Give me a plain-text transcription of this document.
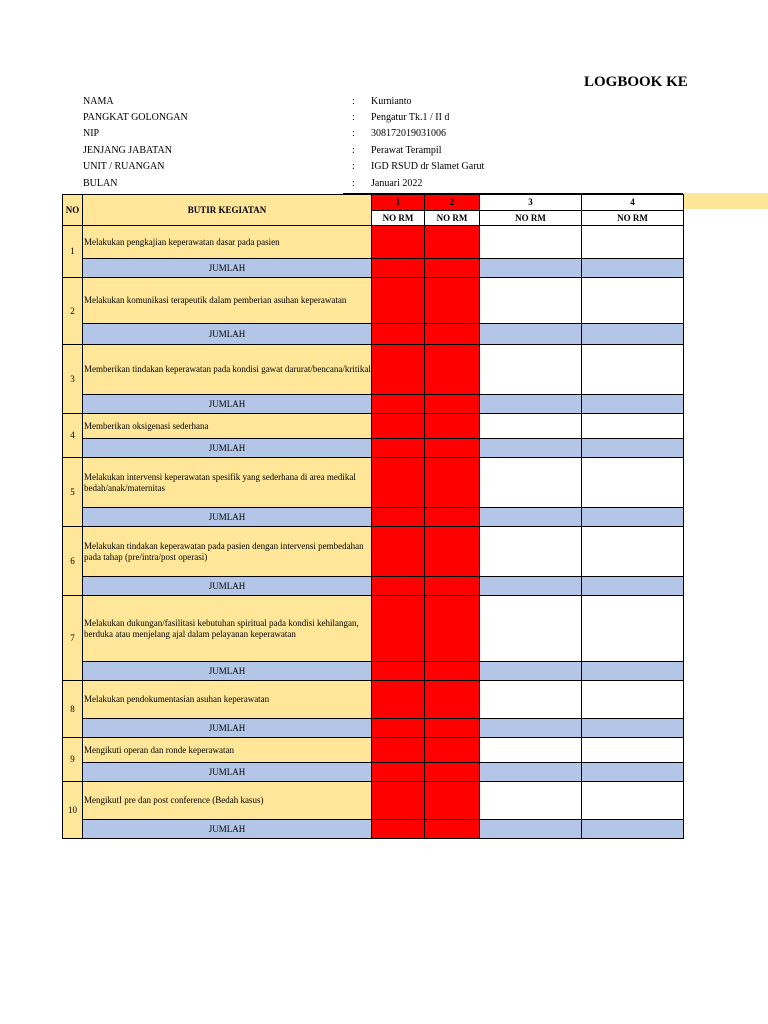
LOGBOOK KE
NAMA	: Kurnianto
PANGKAT GOLONGAN	: Pengatur Tk.1 / II d
NIP	: 308172019031006
JENJANG JABATAN	: Perawat Terampil
UNIT / RUANGAN	: IGD RSUD dr Slamet Garut
BULAN	: Januari 2022
NO	BUTIR KEGIATAN	1	2	3	4
		NO RM	NO RM	NO RM	NO RM
1	Melakukan pengkajian keperawatan dasar pada pasien				
	JUMLAH				
2	Melakukan komunikasi terapeutik dalam pemberian asuhan keperawatan				
	JUMLAH				
3	Memberikan tindakan keperawatan pada kondisi gawat darurat/bencana/kritikal				
	JUMLAH				
4	Memberikan oksigenasi sederhana				
	JUMLAH				
5	Melakukan intervensi keperawatan spesifik yang sederhana di area medikal bedah/anak/maternitas				
	JUMLAH				
6	Melakukan tindakan keperawatan pada pasien dengan intervensi pembedahan pada tahap (pre/intra/post operasi)				
	JUMLAH				
7	Melakukan dukungan/fasilitasi kebutuhan spiritual pada kondisi kehilangan, berduka atau menjelang ajal dalam pelayanan keperawatan				
	JUMLAH				
8	Melakukan pendokumentasian asuhan keperawatan				
	JUMLAH				
9	Mengikuti operan dan ronde keperawatan				
	JUMLAH				
10	MengikutI pre dan post conference (Bedah kasus)				
	JUMLAH				
